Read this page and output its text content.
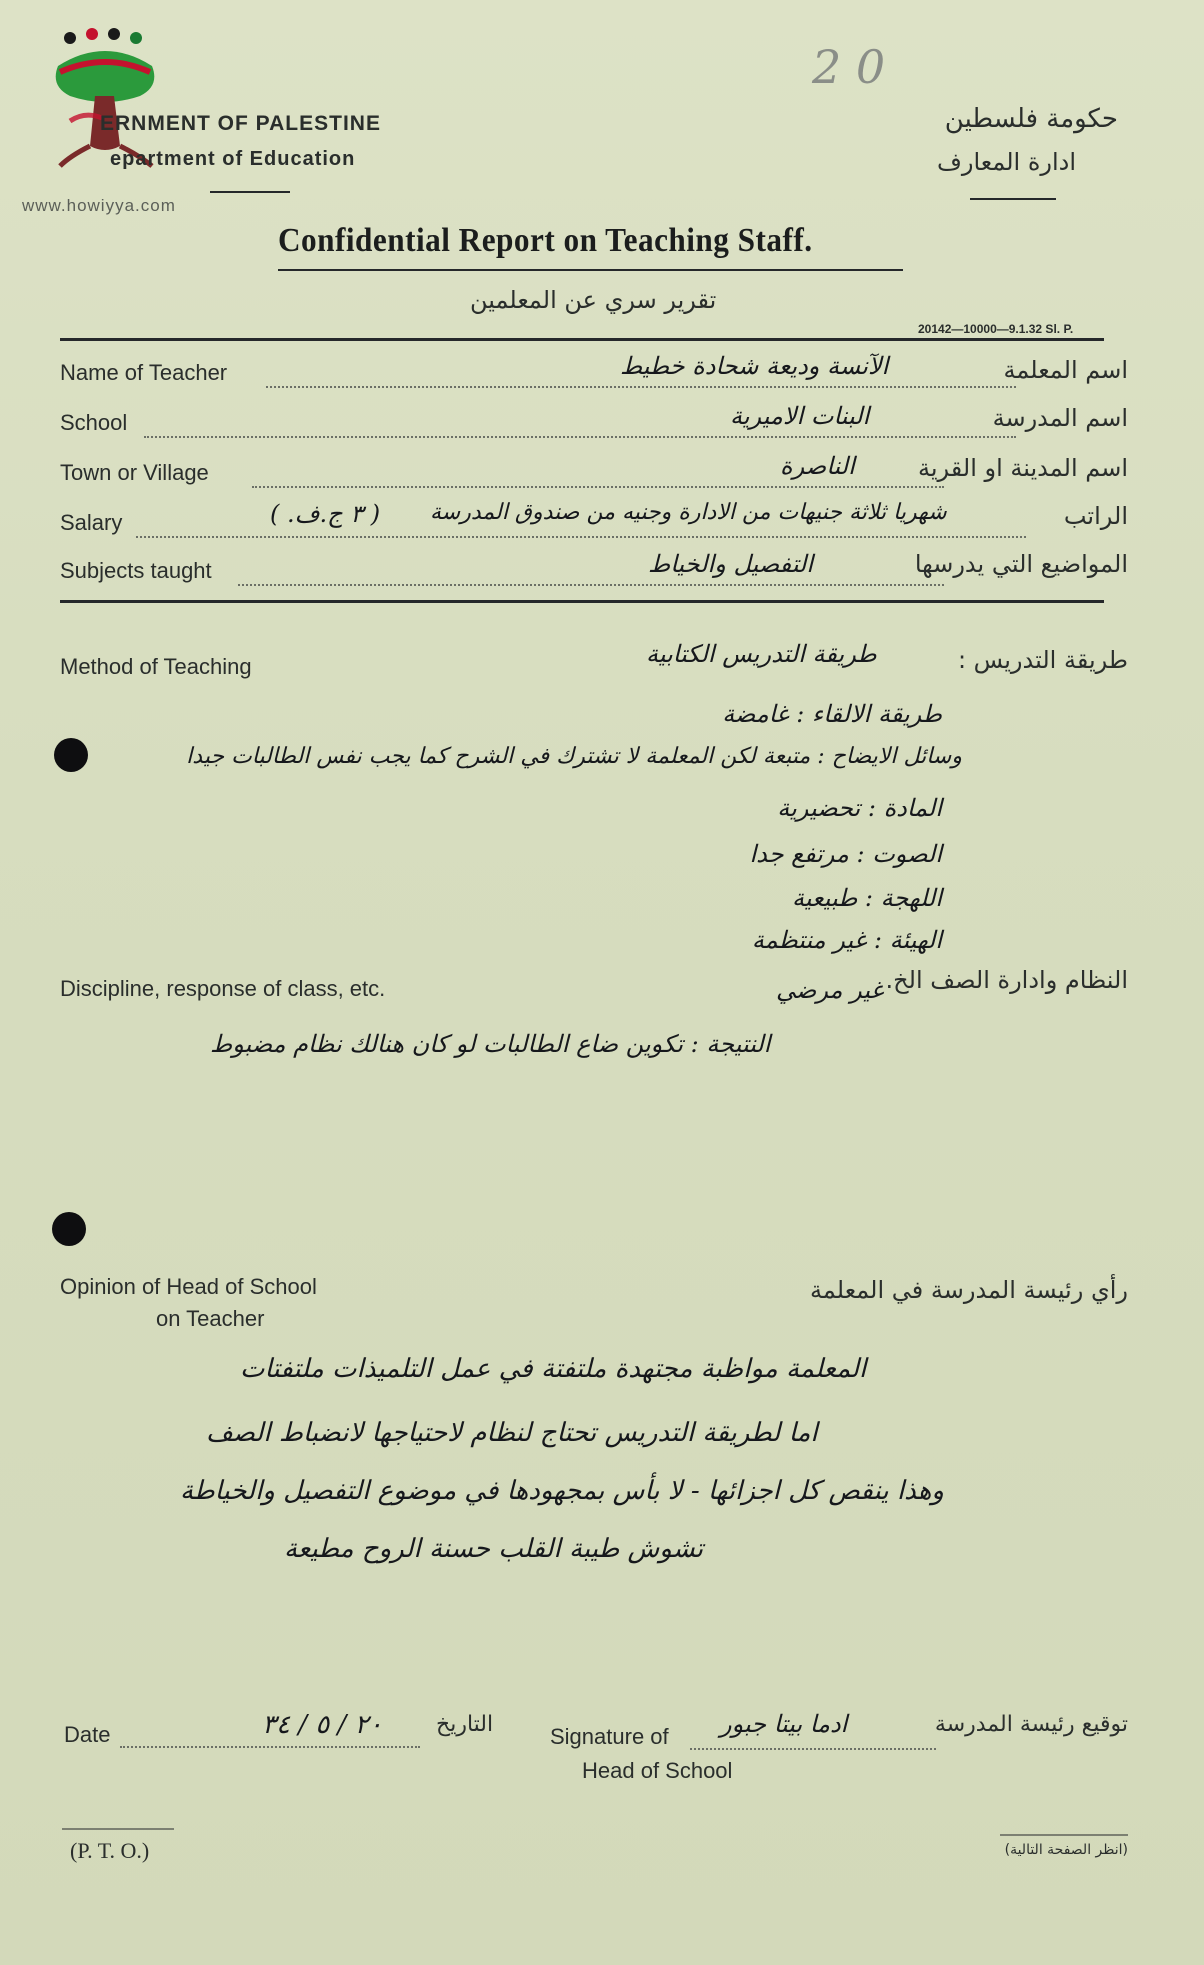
www.howiyya.com
ERNMENT OF PALESTINE
epartment of Education
حكومة فلسطين
ادارة المعارف
2 0
Confidential Report on Teaching Staff.
تقرير سري عن المعلمين
20142—10000—9.1.32 Sl. P.
Name of Teacher	الآنسة وديعة شحادة خطيط	اسم المعلمة
School	البنات الاميرية	اسم المدرسة
Town or Village	الناصرة	اسم المدينة او القرية
Salary	( ٣ ج.ف. ) شهريا ثلاثة جنيهات من الادارة وجنيه من صندوق المدرسة	الراتب
Subjects taught	التفصيل والخياط	المواضيع التي يدرسها
Method of Teaching	طريقة التدريس :
طريقة التدريس الكتابية
طريقة الالقاء : غامضة
وسائل الايضاح : متبعة لكن المعلمة لا تشترك في الشرح كما يجب نفس الطالبات جيدا
المادة : تحضيرية
الصوت : مرتفع جدا
اللهجة : طبيعية
الهيئة : غير منتظمة
Discipline, response of class, etc.	النظام وادارة الصف الخ.
غير مرضي
النتيجة : تكوين ضاع الطالبات لو كان هنالك نظام مضبوط
Opinion of Head of School
on Teacher
رأي رئيسة المدرسة في المعلمة
المعلمة مواظبة مجتهدة ملتفتة في عمل التلميذات ملتفتات
اما لطريقة التدريس تحتاج لنظام لاحتياجها لانضباط الصف
وهذا ينقص كل اجزائها - لا بأس بمجهودها في موضوع التفصيل والخياطة
تشوش طيبة القلب حسنة الروح مطيعة
Date	٢٠ / ٥ / ٣٤ التاريخ	Signature of ادما بيتا جبور	توقيع رئيسة المدرسة
Head of School
(P. T. O.)	(انظر الصفحة التالية)
